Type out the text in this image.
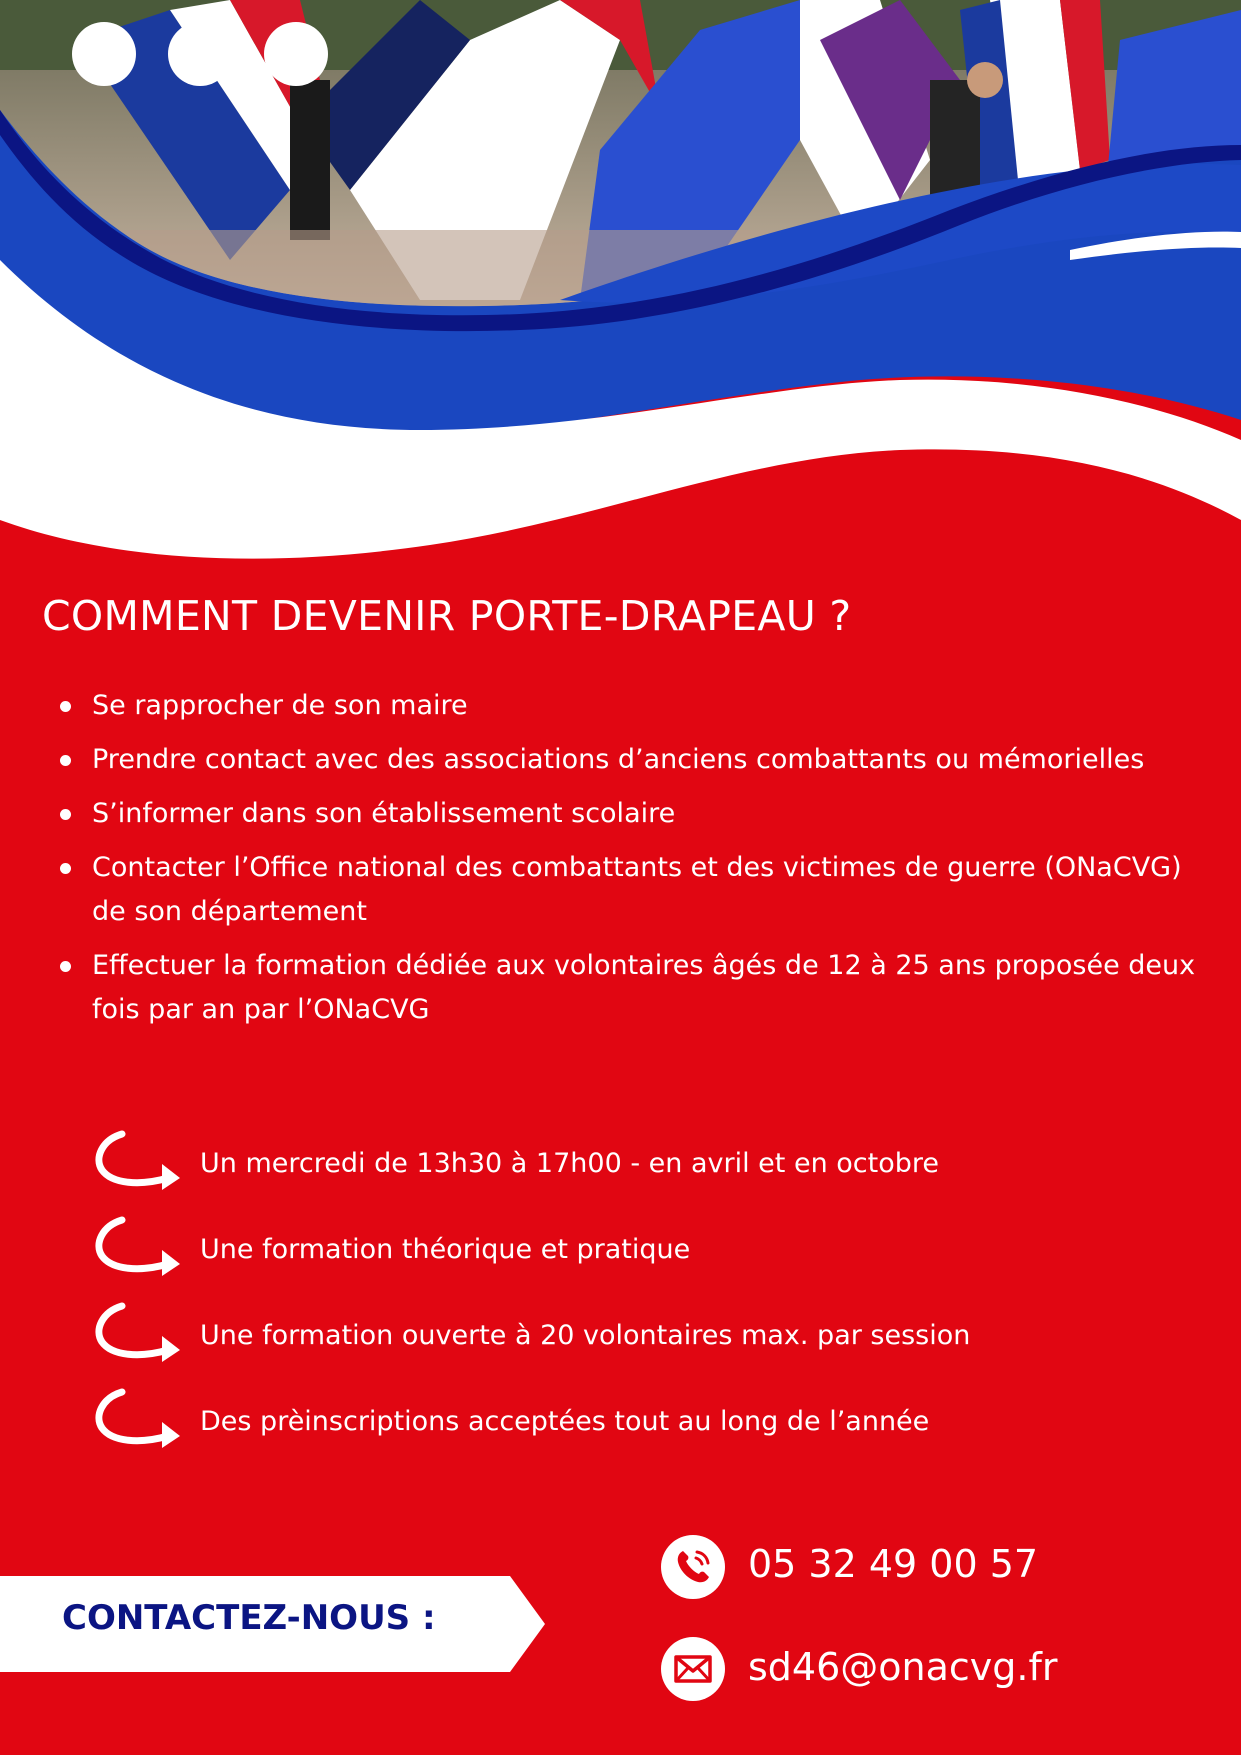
COMMENT DEVENIR PORTE-DRAPEAU ?
Se rapprocher de son maire
Prendre contact avec des associations d’anciens combattants ou mémorielles
S’informer dans son établissement scolaire
Contacter l’Office national des combattants et des victimes de guerre (ONaCVG) de son département
Effectuer la formation dédiée aux volontaires âgés de 12 à 25 ans proposée deux fois par an par l’ONaCVG
Un mercredi de 13h30 à 17h00 - en avril et en octobre
Une formation théorique et pratique
Une formation ouverte à 20 volontaires max. par session
Des prèinscriptions acceptées tout au long de l’année
CONTACTEZ-NOUS :
05 32 49 00 57
sd46@onacvg.fr
